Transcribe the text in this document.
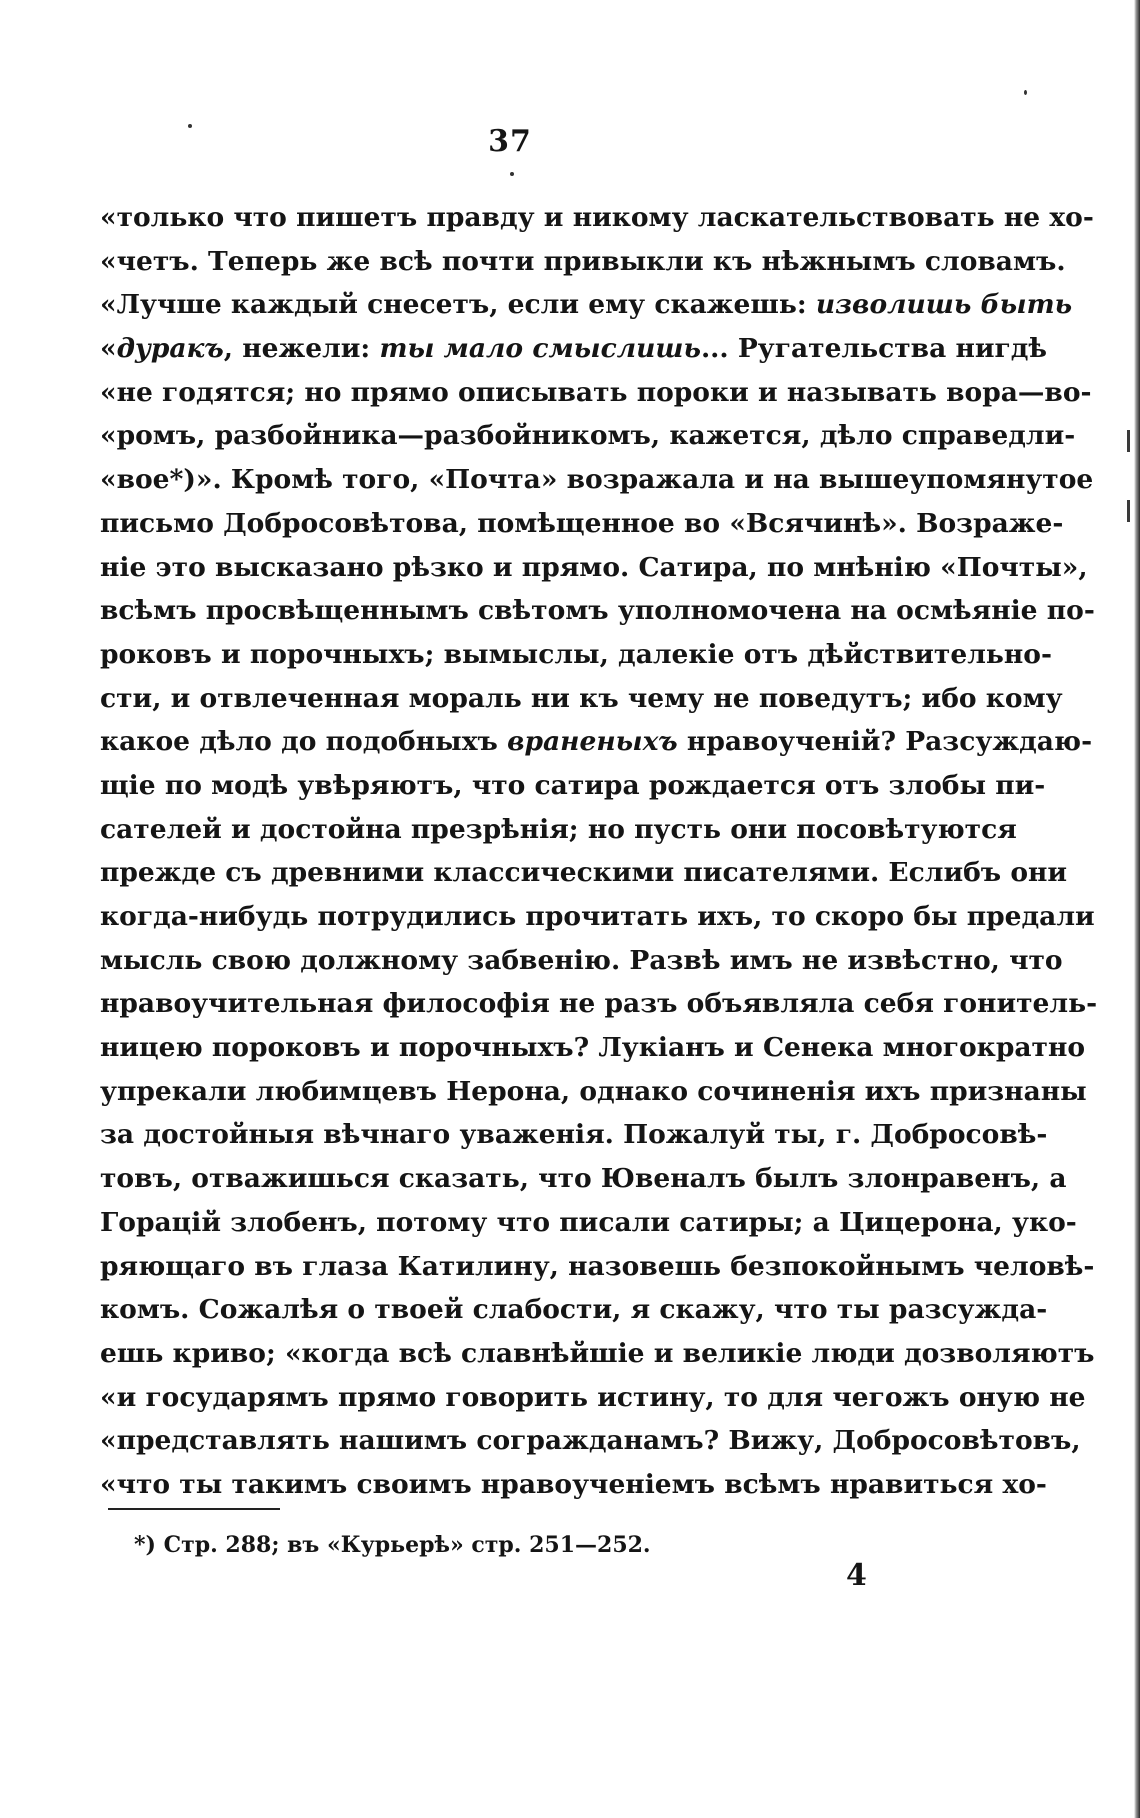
37
«только что пишетъ правду и никому ласкательствовать не хо-
«четъ. Теперь же всѣ почти привыкли къ нѣжнымъ словамъ.
«Лучше каждый снесетъ, если ему скажешь: изволишь быть
«дуракъ, нежели: ты мало смыслишь... Ругательства нигдѣ
«не годятся; но прямо описывать пороки и называть вора—во-
«ромъ, разбойника—разбойникомъ, кажется, дѣло справедли-
«вое*)». Кромѣ того, «Почта» возражала и на вышеупомянутое
письмо Добросовѣтова, помѣщенное во «Всячинѣ». Возраже-
ніе это высказано рѣзко и прямо. Сатира, по мнѣнію «Почты»,
всѣмъ просвѣщеннымъ свѣтомъ уполномочена на осмѣяніе по-
роковъ и порочныхъ; вымыслы, далекіе отъ дѣйствительно-
сти, и отвлеченная мораль ни къ чему не поведутъ; ибо кому
какое дѣло до подобныхъ враненыхъ нравоученій? Разсуждаю-
щіе по модѣ увѣряютъ, что сатира рождается отъ злобы пи-
сателей и достойна презрѣнія; но пусть они посовѣтуются
прежде съ древними классическими писателями. Еслибъ они
когда-нибудь потрудились прочитать ихъ, то скоро бы предали
мысль свою должному забвенію. Развѣ имъ не извѣстно, что
нравоучительная философія не разъ объявляла себя гонитель-
ницею пороковъ и порочныхъ? Лукіанъ и Сенека многократно
упрекали любимцевъ Нерона, однако сочиненія ихъ признаны
за достойныя вѣчнаго уваженія. Пожалуй ты, г. Добросовѣ-
товъ, отважишься сказать, что Ювеналъ былъ злонравенъ, а
Горацій злобенъ, потому что писали сатиры; а Цицерона, уко-
ряющаго въ глаза Катилину, назовешь безпокойнымъ человѣ-
комъ. Сожалѣя о твоей слабости, я скажу, что ты разсужда-
ешь криво; «когда всѣ славнѣйшіе и великіе люди дозволяютъ
«и государямъ прямо говорить истину, то для чегожъ оную не
«представлять нашимъ согражданамъ? Вижу, Добросовѣтовъ,
«что ты такимъ своимъ нравоученіемъ всѣмъ нравиться хо-
*) Стр. 288; въ «Курьерѣ» стр. 251—252.
4
